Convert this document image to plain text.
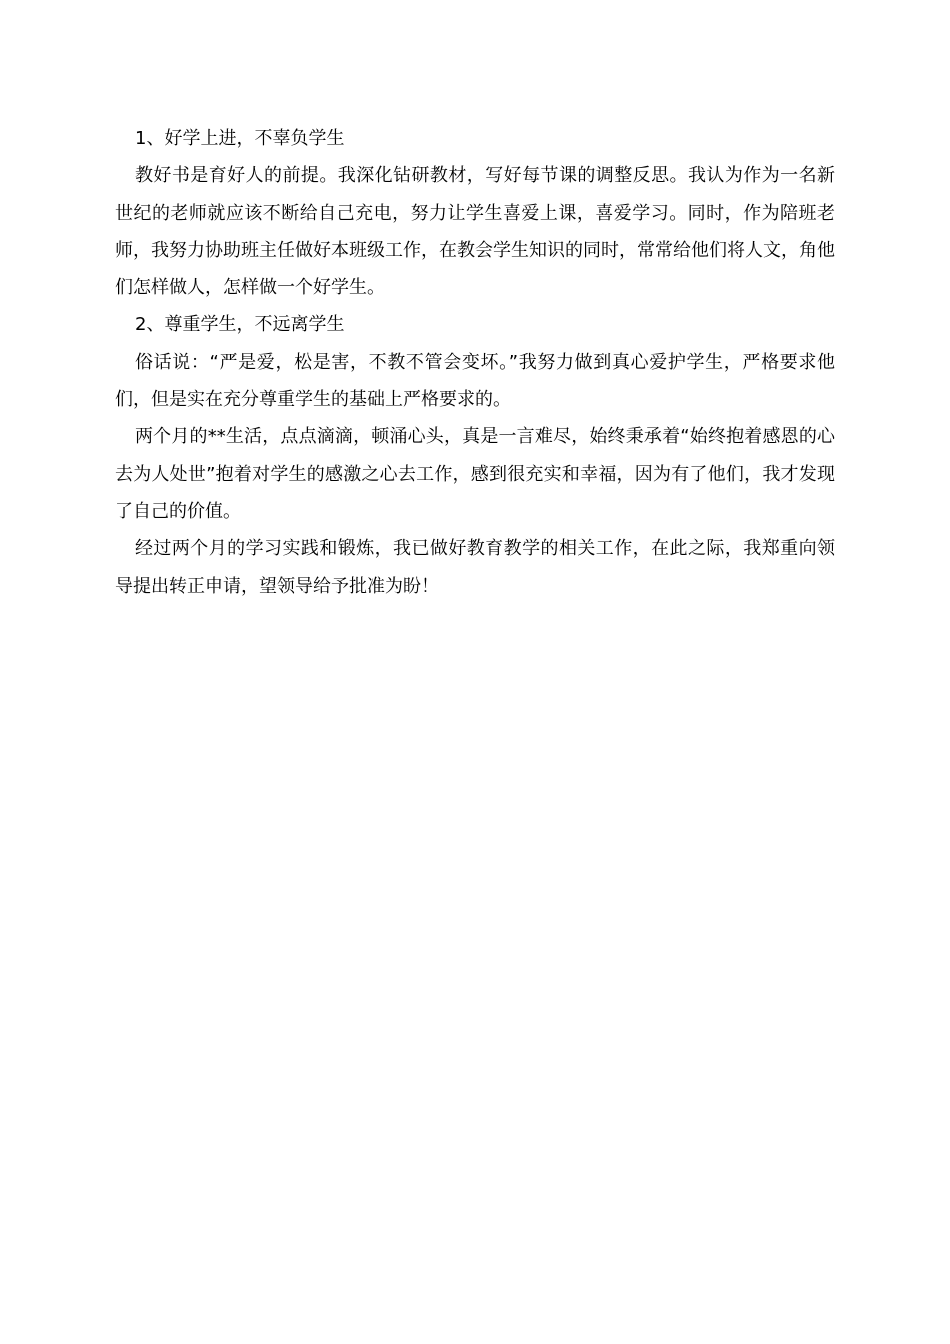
1、好学上进，不辜负学生

教好书是育好人的前提。我深化钻研教材，写好每节课的调整反思。我认为作为一名新世纪的老师就应该不断给自己充电，努力让学生喜爱上课，喜爱学习。同时，作为陪班老师，我努力协助班主任做好本班级工作，在教会学生知识的同时，常常给他们将人文，角他们怎样做人，怎样做一个好学生。

2、尊重学生，不远离学生

俗话说：“严是爱，松是害，不教不管会变坏。”我努力做到真心爱护学生，严格要求他们，但是实在充分尊重学生的基础上严格要求的。

两个月的**生活，点点滴滴，顿涌心头，真是一言难尽，始终秉承着“始终抱着感恩的心去为人处世”抱着对学生的感激之心去工作，感到很充实和幸福，因为有了他们，我才发现了自己的价值。

经过两个月的学习实践和锻炼，我已做好教育教学的相关工作，在此之际，我郑重向领导提出转正申请，望领导给予批准为盼！
